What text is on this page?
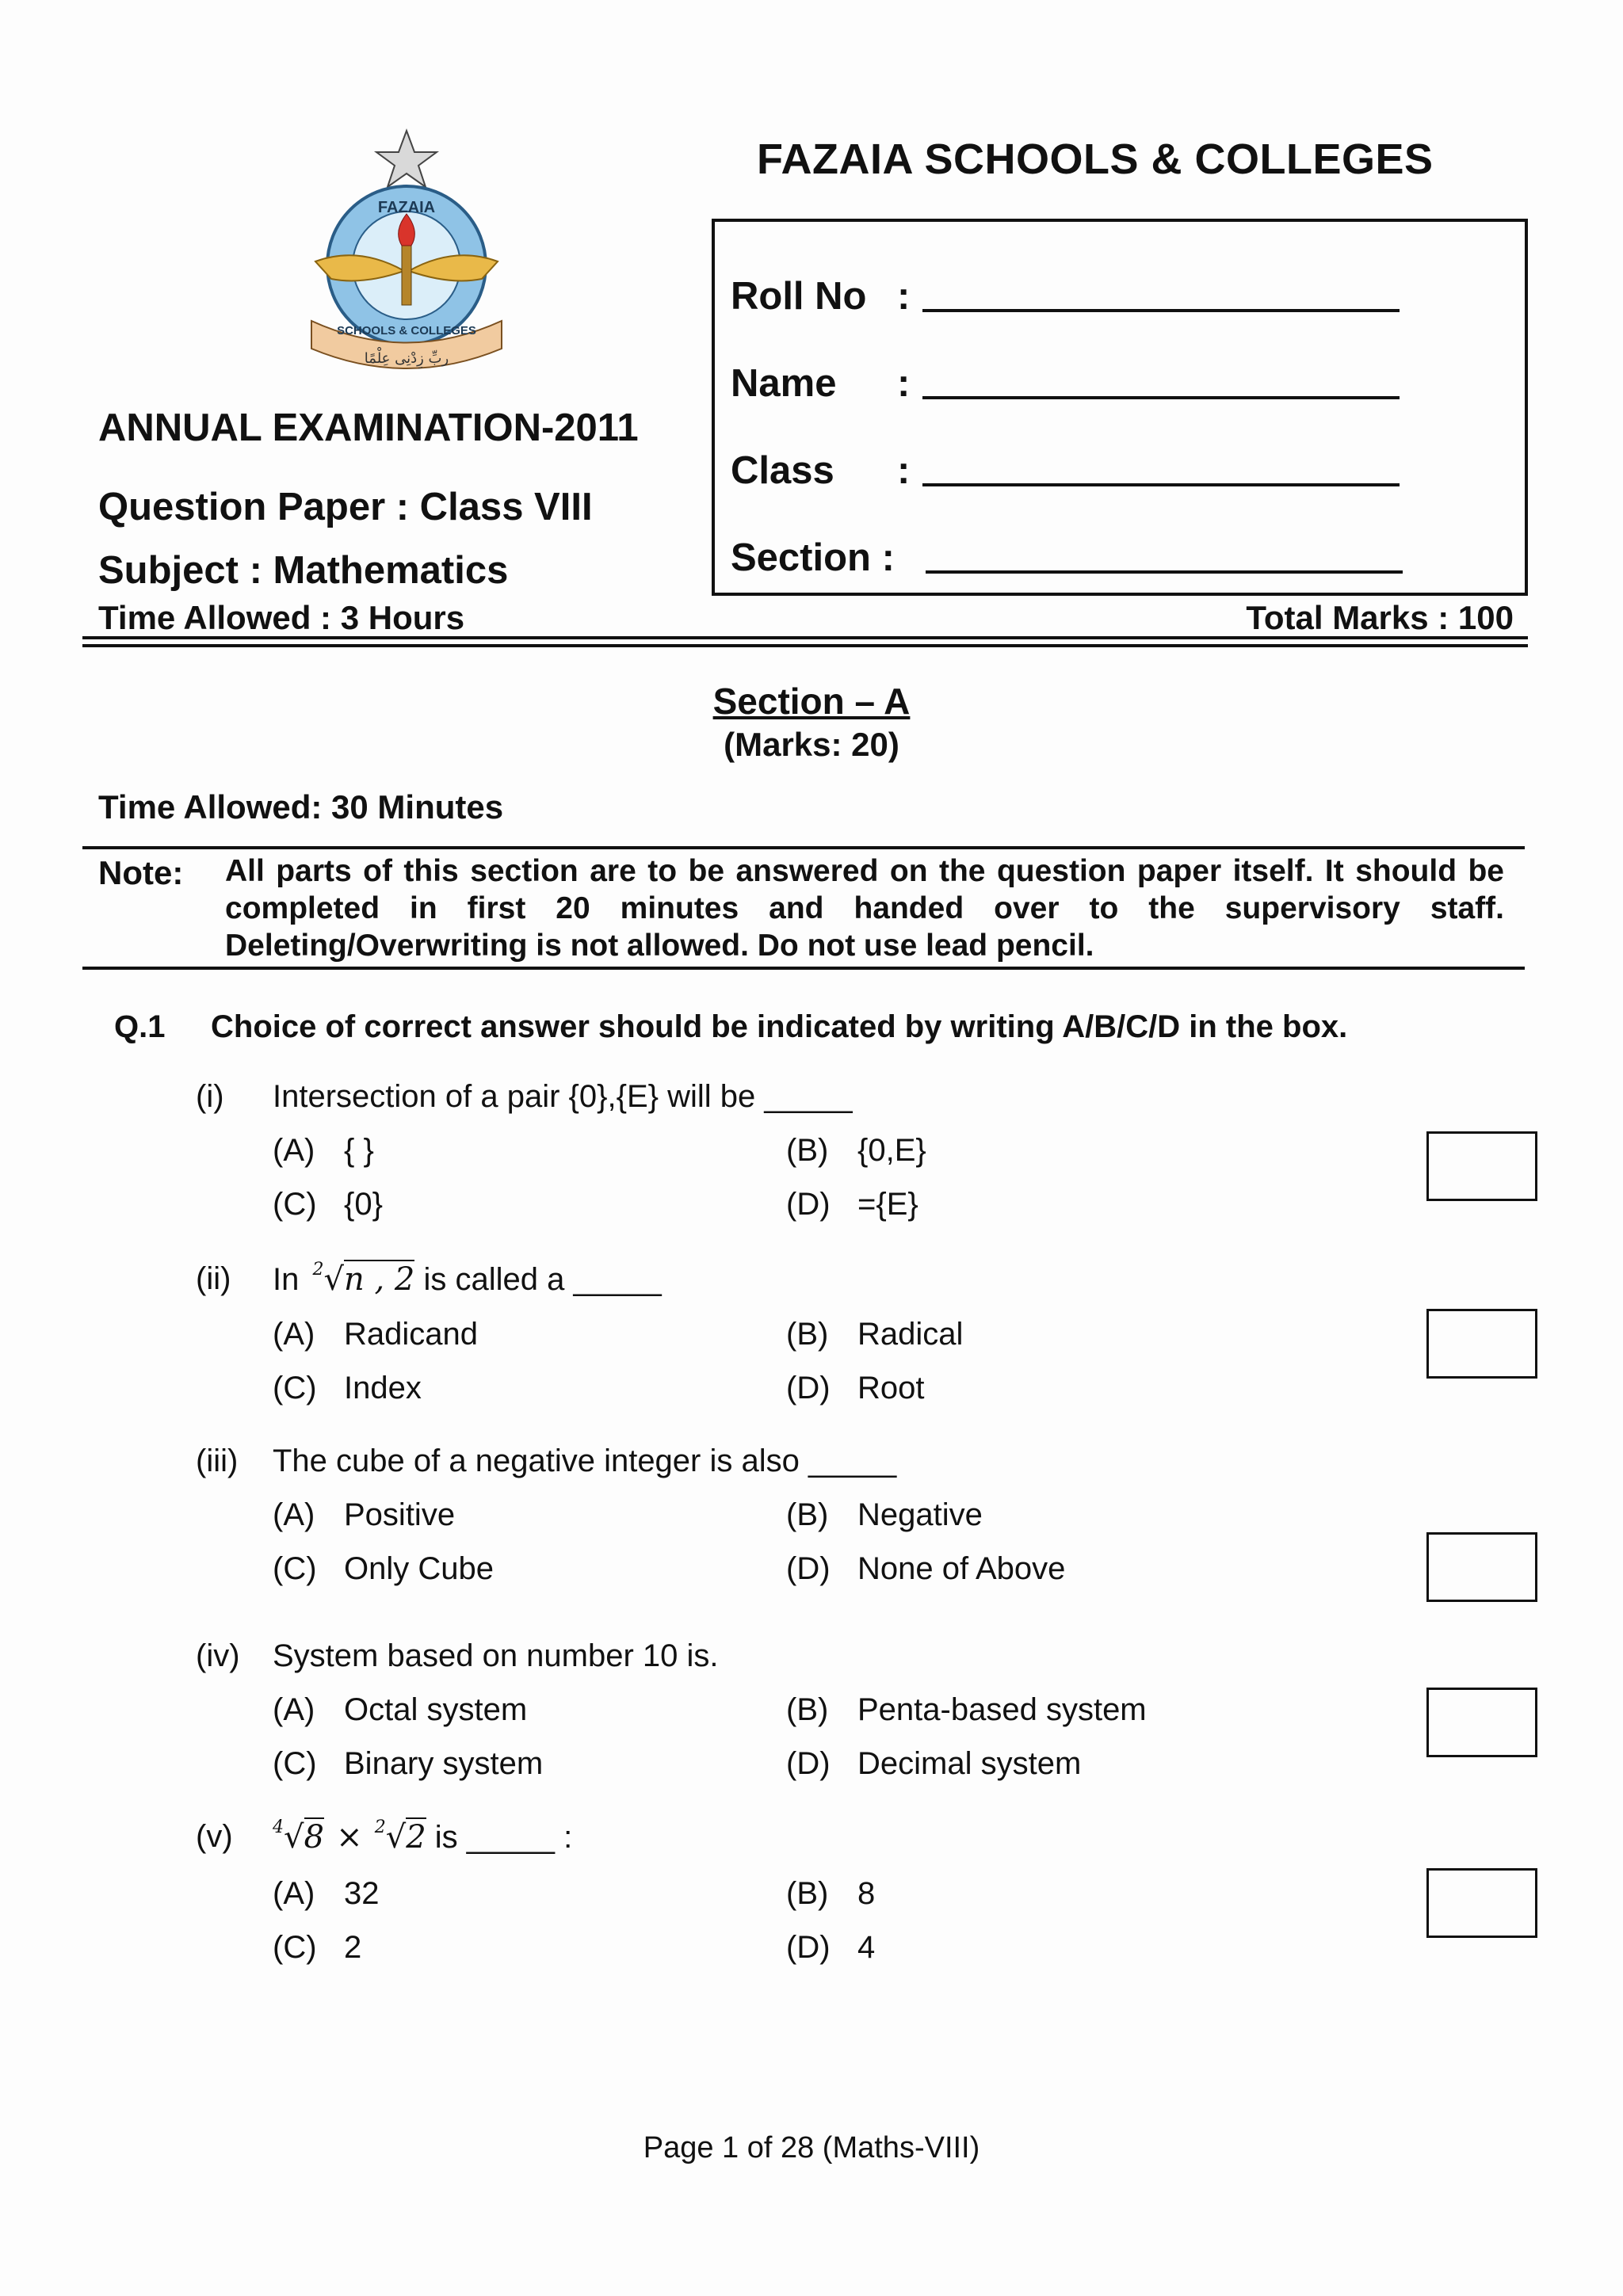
FAZAIA SCHOOLS & COLLEGES
ربِّ زِدْنِی عِلْمًا
FAZAIA
SCHOOLS & COLLEGES
ANNUAL EXAMINATION-2011
Question Paper : Class VIII
Subject : Mathematics
Roll No :
Name :
Class :
Section :
Time Allowed : 3 Hours	Total Marks : 100
Section – A
(Marks: 20)
Time Allowed: 30 Minutes
Note: All parts of this section are to be answered on the question paper itself. It should be completed in first 20 minutes and handed over to the supervisory staff. Deleting/Overwriting is not allowed. Do not use lead pencil.
Q.1 Choice of correct answer should be indicated by writing A/B/C/D in the box.
(i) Intersection of a pair {0},{E} will be _____
(A) { }	(B) {0,E}
(C) {0}	(D) ={E}
(ii) In 2 √n , 2 is called a _____
(A) Radicand	(B) Radical
(C) Index	(D) Root
(iii) The cube of a negative integer is also _____
(A) Positive	(B) Negative
(C) Only Cube	(D) None of Above
(iv) System based on number 10 is.
(A) Octal system	(B) Penta-based system
(C) Binary system	(D) Decimal system
(v) 4 √8 × 2 √2 is _____ :
(A) 32	(B) 8
(C) 2	(D) 4
Page 1 of 28 (Maths-VIII)
